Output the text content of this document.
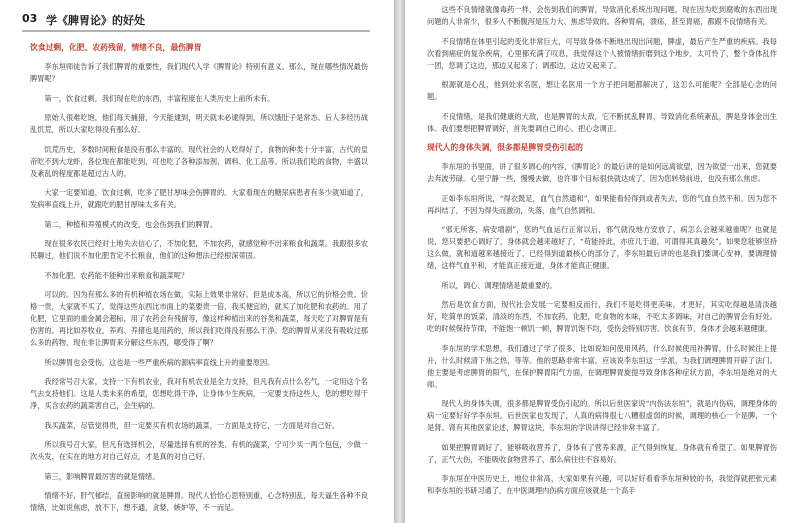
03 学《脾胃论》的好处
饮食过剩，化肥、农药残留，情绪不良，最伤脾胃

李东垣师徒告诉了我们脾胃的重要性，我们现代人学《脾胃论》特别有意义。那么，现在哪些情况最伤脾胃呢？

第一，饮食过剩，我们现在吃的东西，丰富程度在人类历史上前所未有。

原始人很难吃饱，他们每天捕猎，今天能逮到，明天就未必逮得到，所以饿肚子是常态。后人多经历战乱饥荒，所以大家吃得没有那么好。

饥荒历史，多数时间粮食是没有那么丰富的。现代社会的人吃得好了，食物的种类十分丰富，古代的皇帝吃不到大龙虾，各位现在都能吃到，可也吃了各种添加剂、调料、化工品等。所以我们吃的食物，丰盛以及紊乱的程度都是超过古人的。

大家一定要知道，饮食过剩，吃多了肥甘厚味会伤脾胃的。大家看现在的糖尿病患者有多少就知道了，发病率直线上升，就跟吃的肥甘厚味太多有关。

第二，种植和养殖模式的改变，也会伤到我们的脾胃。

现在很多农民已经对土地失去信心了，不加化肥，不加农药，就感觉种不出来粮食和蔬菜。我跟很多农民聊过，他们说不加化肥肯定不长粮食，他们的这种想法已经根深蒂固。

不加化肥、农药能不能种出来粮食和蔬菜呢？

可以的。因为有那么多的有机种植农场在做，实际上效果非常好。但是成本高，所以它的价格会贵。价格一贵，大家就不买了，觉得这些东西比市面上的菜要贵一倍，我买便宜的，就买了加化肥和农药的。用了化肥，它里面的重金属会超标，用了农药会有残留等，像这样种植出来的谷类和蔬菜，每天吃了对脾胃是有伤害的。再比如养牧业，养鸡、养猪也是用药的，所以我们吃得没有那么干净。您的脾胃从来没有吸收过那么多的药物，现在非让脾胃来分解这些东西，哪受得了啊？

所以脾胃也会受伤，这也是一些严重疾病的源病率直线上升的重要原因。

我经常号召大家，支持一下有机农业，我对有机农业是全力支持，但凡我有点什么名气，一定用这个名气去支持他们。这是人类未来的希望，您想吃得干净，让身体少生疾病，一定要支持这些人，您的想吃得干净，买含农药的蔬菜害自己，会生病的。

我买蔬菜，尽管觉得贵，但一定要买有机农场的蔬菜，一方面是支持它，一方面是对自己好。

所以我号召大家，但凡有选择机会，尽量选择有机的谷类、有机的蔬菜，宁可少买一两个包包，少做一次头发，在实在的地方对自己好点，才是真的对自己好。

第三，影响脾胃最厉害的就是情绪。

情绪不好，肝气郁结，直接影响的就是脾胃。现代人恰恰心思特别重，心念特别乱，每天逼生各种不良情绪，比如说焦虑，放不下，想不通，贪婪，嫉妒等，不一而足。

这些不良情绪就像毒药一样，会伤到我们的脾胃，导致消化系统出现问题，现在因为吃到腐败的东西出现问题的人非常少，很多人不断腹泻是压力大、焦虑导致的。各种胃病，溃疡，甚至胃癌，都跟不良情绪有关。

不良情绪在体里引起的变化非常巨大，可导致身体不断地出现出问题，脾虚，最后产生严重的疾病。我每次看到癌症的复杂疾病，心里都充满了叹息，我觉得这个人被情绪折磨到这个地步，太可怜了，整个身体乱作一团，您调了这边，那边又起来了；调那边，这边又起来了。

根源就是心乱，他到处求名医，想让名医用一个方子把问题都解决了，这怎么可能呢？全部是心念的问题。

不良情绪，是我们健康的大敌，也是脾胃的大敌，它不断扰乱脾胃，导致消化系统紊乱，脾是身体金出生体。我们要想把脾胃调好，首先要调自己的心，把心念调正。

现代人的身体失调，很多都是脾胃受伤引起的

李东垣的书里面，讲了很多调心的内容，《脾胃论》的最后讲的是如何远离欲望，因为欲望一出来，您就要去奔波劳碌。心里宁静一些，慢慢去做，也许事个目标很快就达成了，因为您转势前进，也没有那么焦虑。

正如李东垣所说，“得衣既足，血气自然通和”，如果能看轻得到或者失去，您的气血自然平和。因为您不再纠结了，不因为得失而激动，失落，血气自然调和。

“邪无所客，病安增剧”，您的气血运行正常以后，邪气就没地方安放了，病怎么会越来越重呢？也就是说，您只要把心调好了，身体就会越来越好了，“苟能持此，亦庶几于道，可谓得其真趣矣”。如果您能够坚持这么做，就和道越来越接近了，已经得到道最核心的部分了，李东垣最后讲的也是我们要调心安神，要调理情绪，这样气血平和，才能真正接近道，身体才能真正健康。

所以，调心、调理情绪是最重要的。

然后是饮食方面，现代社会发展一定要相反而行，我们不是吃得更美味，才更好，其实吃得越是清淡越好，吃简单的饭菜，清淡的东西，不加农药，化肥，吃食物的本味，不吃太多调味，对自己的脾胃会有好处。吃的时候保持节律，不能饱一顿饥一顿，脾胃饥饱不均，受伤会特别厉害。饮食有节，身体才会越来越健康。

李东垣的学术思想，我们通过了学了很多，比如说如何使用风药，什么时候使用补脾胃，什么时候往上提升，什么时候清下焦之热，等等。他的思路非常丰富，应该说李东垣这一学派，为我们调理脾胃开辟了法门。他主要是考虑脾胃的阳气，在保护脾胃阳气方面，在调理脾胃旋提导致身体各种症状方面，李东垣是绝对的大师。

现代人的身体失调，很多都是脾胃受伤引起的。所以后世医家说“内伤法东垣”，就是内伤病，调理身体的病一定要好好学李东垣。后世医家也发现了，人真的病得很七八糟很虚弱的时候，调理的核心一个是脾，一个是肾。肾有其他医家论述，脾胃这块，李东垣的学说讲得已经非常丰富了。

如果把脾胃调好了，能够吸收营养了，身体有了营养来源，正气得到恢复，身体就有希望了。如果脾胃伤了，正气大伤，不能吸收食物营养了，那么病往往不容易好。

李东垣在中医历史上，地位非常高，大家如果有兴趣，可以好好看看李东垣种较的书，我觉得就把张元素和李东垣的书研习通了，在中医调理内伤病方面应该就是一个高手
